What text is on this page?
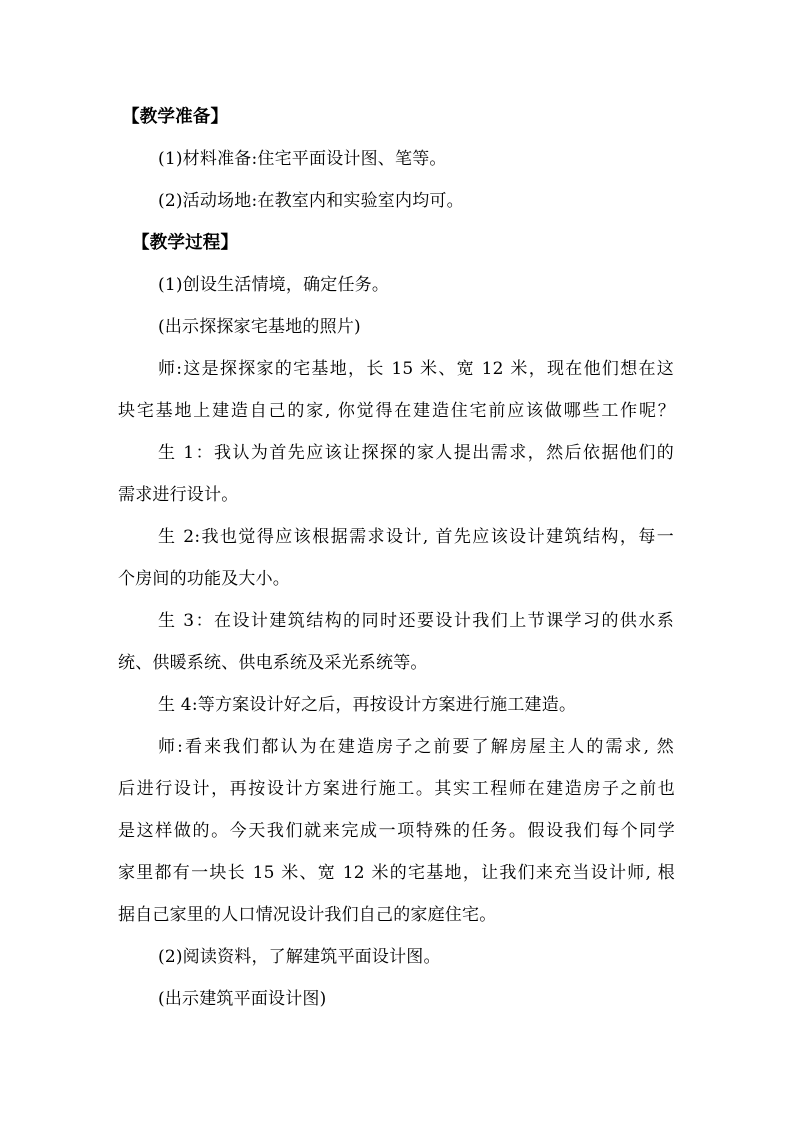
【教学准备】
(1)材料准备:住宅平面设计图、笔等。
(2)活动场地:在教室内和实验室内均可。
【教学过程】
(1)创设生活情境，确定任务。
(出示探探家宅基地的照片)
师:这是探探家的宅基地，长 15 米、宽 12 米，现在他们想在这
块宅基地上建造自己的家, 你觉得在建造住宅前应该做哪些工作呢？
生 1：我认为首先应该让探探的家人提出需求，然后依据他们的
需求进行设计。
生 2:我也觉得应该根据需求设计, 首先应该设计建筑结构，每一
个房间的功能及大小。
生 3：在设计建筑结构的同时还要设计我们上节课学习的供水系
统、供暖系统、供电系统及采光系统等。
生 4:等方案设计好之后，再按设计方案进行施工建造。
师:看来我们都认为在建造房子之前要了解房屋主人的需求, 然
后进行设计，再按设计方案进行施工。其实工程师在建造房子之前也
是这样做的。今天我们就来完成一项特殊的任务。假设我们每个同学
家里都有一块长 15 米、宽 12 米的宅基地，让我们来充当设计师, 根
据自己家里的人口情况设计我们自己的家庭住宅。
(2)阅读资料，了解建筑平面设计图。
(出示建筑平面设计图)
